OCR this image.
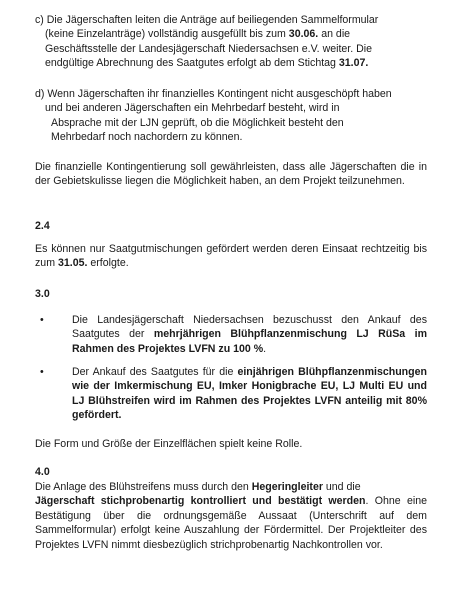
c) Die Jägerschaften leiten die Anträge auf beiliegenden Sammelformular
(keine Einzelanträge) vollständig ausgefüllt bis zum 30.06. an die
Geschäftsstelle der Landesjägerschaft Niedersachsen e.V. weiter. Die
endgültige Abrechnung des Saatgutes erfolgt ab dem Stichtag 31.07.
d) Wenn Jägerschaften ihr finanzielles Kontingent nicht ausgeschöpft haben
und bei anderen Jägerschaften ein Mehrbedarf besteht, wird in
Absprache mit der LJN geprüft, ob die Möglichkeit besteht den
Mehrbedarf noch nachordern zu können.

Die finanzielle Kontingentierung soll gewährleisten, dass alle Jägerschaften die in der Gebietskulisse liegen die Möglichkeit haben, an dem Projekt teilzunehmen.

2.4

Es können nur Saatgutmischungen gefördert werden deren Einsaat rechtzeitig bis zum 31.05. erfolgte.

3.0
•	Die Landesjägerschaft Niedersachsen bezuschusst den Ankauf des Saatgutes der mehrjährigen Blühpflanzenmischung LJ RüSa im Rahmen des Projektes LVFN zu 100 %.

•	Der Ankauf des Saatgutes für die einjährigen Blühpflanzenmischungen wie der Imkermischung EU, Imker Honigbrache EU, LJ Multi EU und LJ Blühstreifen wird im Rahmen des Projektes LVFN anteilig mit 80% gefördert.

Die Form und Größe der Einzelflächen spielt keine Rolle.

4.0
Die Anlage des Blühstreifens muss durch den Hegeringleiter und die

Jägerschaft stichprobenartig kontrolliert und bestätigt werden. Ohne eine Bestätigung über die ordnungsgemäße Aussaat (Unterschrift auf dem Sammelformular) erfolgt keine Auszahlung der Fördermittel. Der Projektleiter des Projektes LVFN nimmt diesbezüglich strichprobenartig Nachkontrollen vor.
